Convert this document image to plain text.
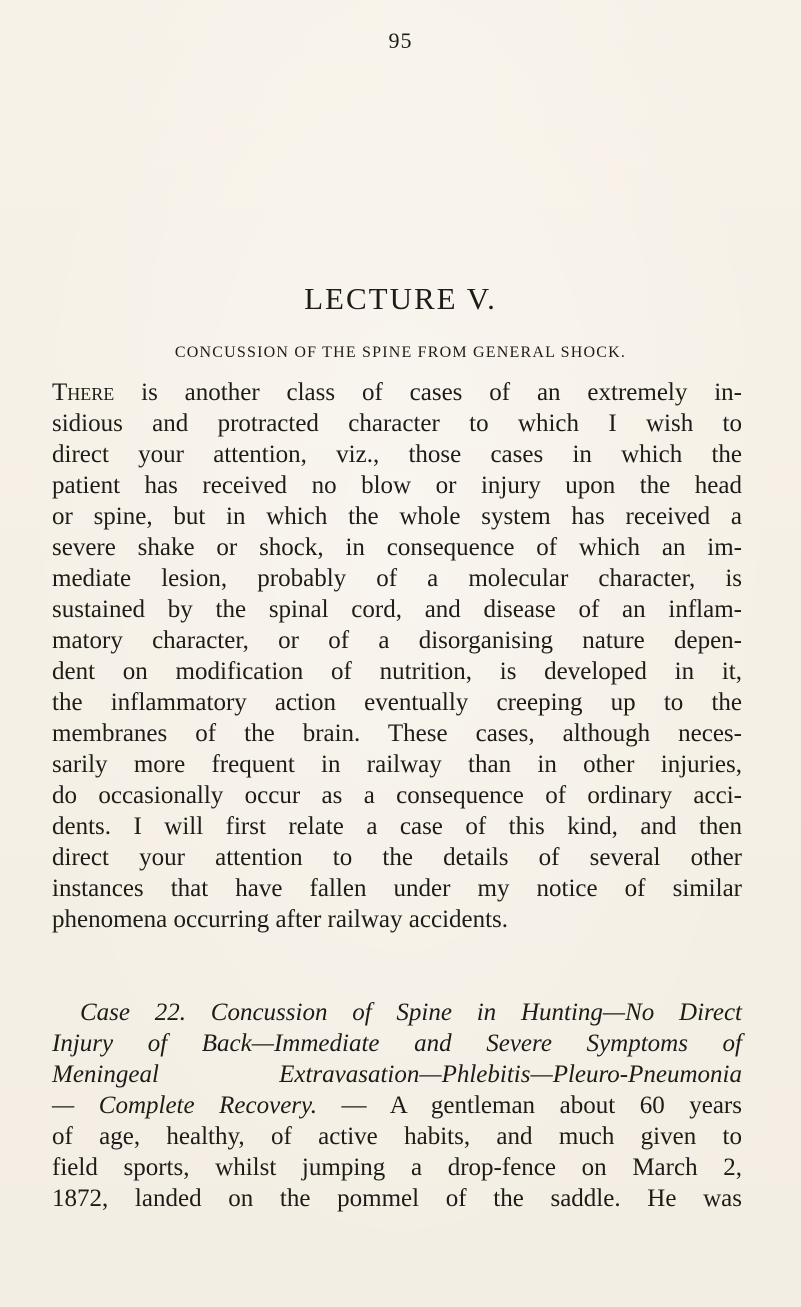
95
LECTURE V.
CONCUSSION OF THE SPINE FROM GENERAL SHOCK.
There is another class of cases of an extremely in-
sidious and protracted character to which I wish to
direct your attention, viz., those cases in which the
patient has received no blow or injury upon the head
or spine, but in which the whole system has received a
severe shake or shock, in consequence of which an im-
mediate lesion, probably of a molecular character, is
sustained by the spinal cord, and disease of an inflam-
matory character, or of a disorganising nature depen-
dent on modification of nutrition, is developed in it,
the inflammatory action eventually creeping up to the
membranes of the brain. These cases, although neces-
sarily more frequent in railway than in other injuries,
do occasionally occur as a consequence of ordinary acci-
dents. I will first relate a case of this kind, and then
direct your attention to the details of several other
instances that have fallen under my notice of similar
phenomena occurring after railway accidents.
Case 22. Concussion of Spine in Hunting—No Direct
Injury of Back—Immediate and Severe Symptoms of
Meningeal Extravasation—Phlebitis—Pleuro-Pneumonia
— Complete Recovery. — A gentleman about 60 years
of age, healthy, of active habits, and much given to
field sports, whilst jumping a drop-fence on March 2,
1872, landed on the pommel of the saddle. He was
